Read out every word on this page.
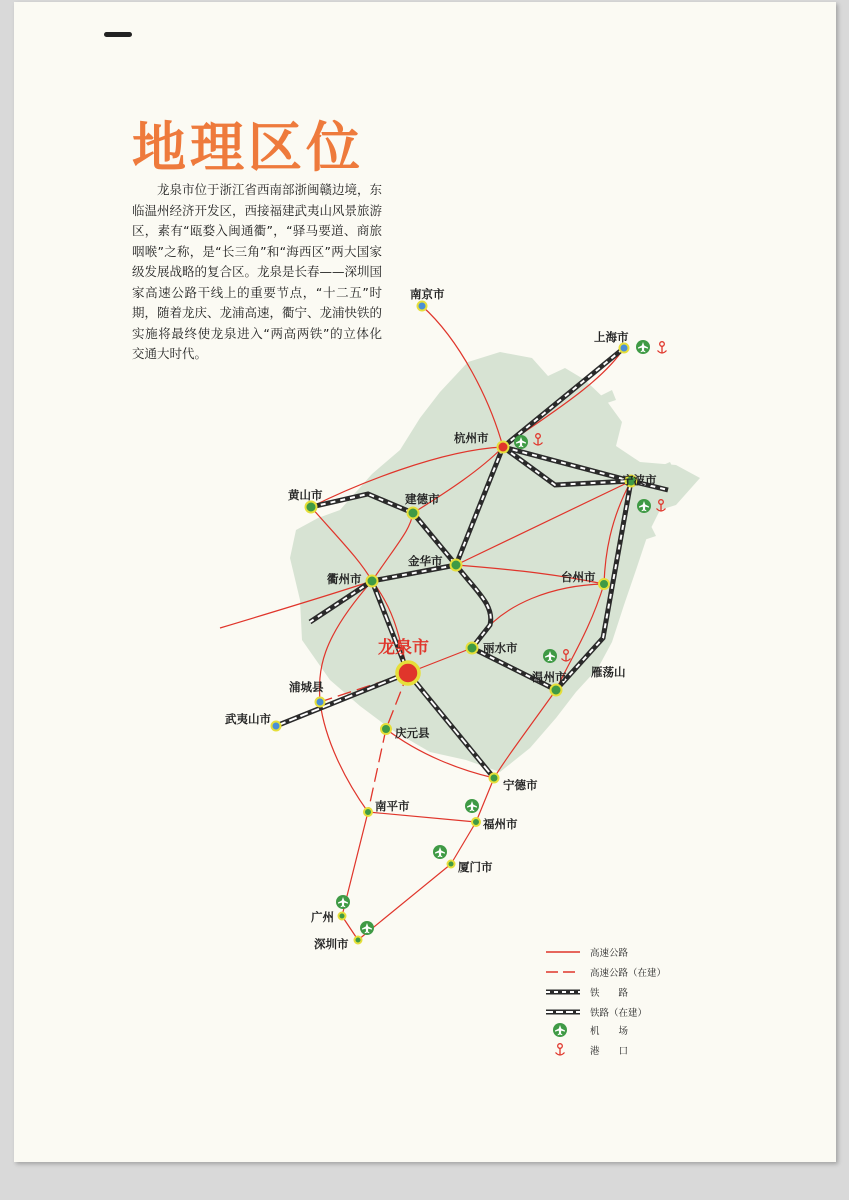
地理区位
龙泉市位于浙江省西南部浙闽赣边境，东临温州经济开发区，西接福建武夷山风景旅游区，素有“瓯婺入闽通衢”，“驿马要道、商旅咽喉”之称，是“长三角”和“海西区”两大国家级发展战略的复合区。龙泉是长春——深圳国家高速公路干线上的重要节点，“十二五”时期，随着龙庆、龙浦高速，衢宁、龙浦快铁的实施将最终使龙泉进入“两高两铁”的立体化交通大时代。
南京市
上海市
杭州市
宁波市
黄山市	建德市
金华市
衢州市	台州市
龙泉市	丽水市
雁荡山
温州市
浦城县
武夷山市
庆元县
宁德市
南平市
福州市
厦门市
广州
深圳市
高速公路
高速公路（在建）
铁　　路
铁路（在建）
机　　场
港　　口
